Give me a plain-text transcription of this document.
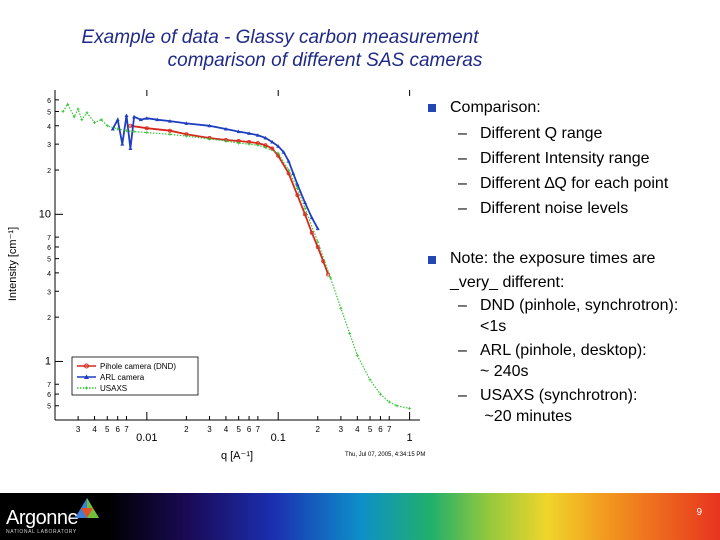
Example of data - Glassy carbon measurement
comparison of different SAS cameras
3 4 5 6 7	2 3 4 5 6 7	2 3 4 5 6 7
0.01	0.1	1
6
5
4
3
2
10
7
6
5
4
3
2
1
7
6
5
Intensity [cm⁻¹]
q [A⁻¹]	Thu, Jul 07, 2005, 4:34:15 PM
Pihole camera (DND)
ARL camera
USAXS
Comparison:
– Different Q range
– Different Intensity range
– Different ∆Q for each point
– Different noise levels
Note: the exposure times are
_very_ different:
– DND (pinhole, synchrotron):
<1s
– ARL (pinhole, desktop):
~ 240s
– USAXS (synchrotron):
~20 minutes
Argonne
NATIONAL LABORATORY
9
